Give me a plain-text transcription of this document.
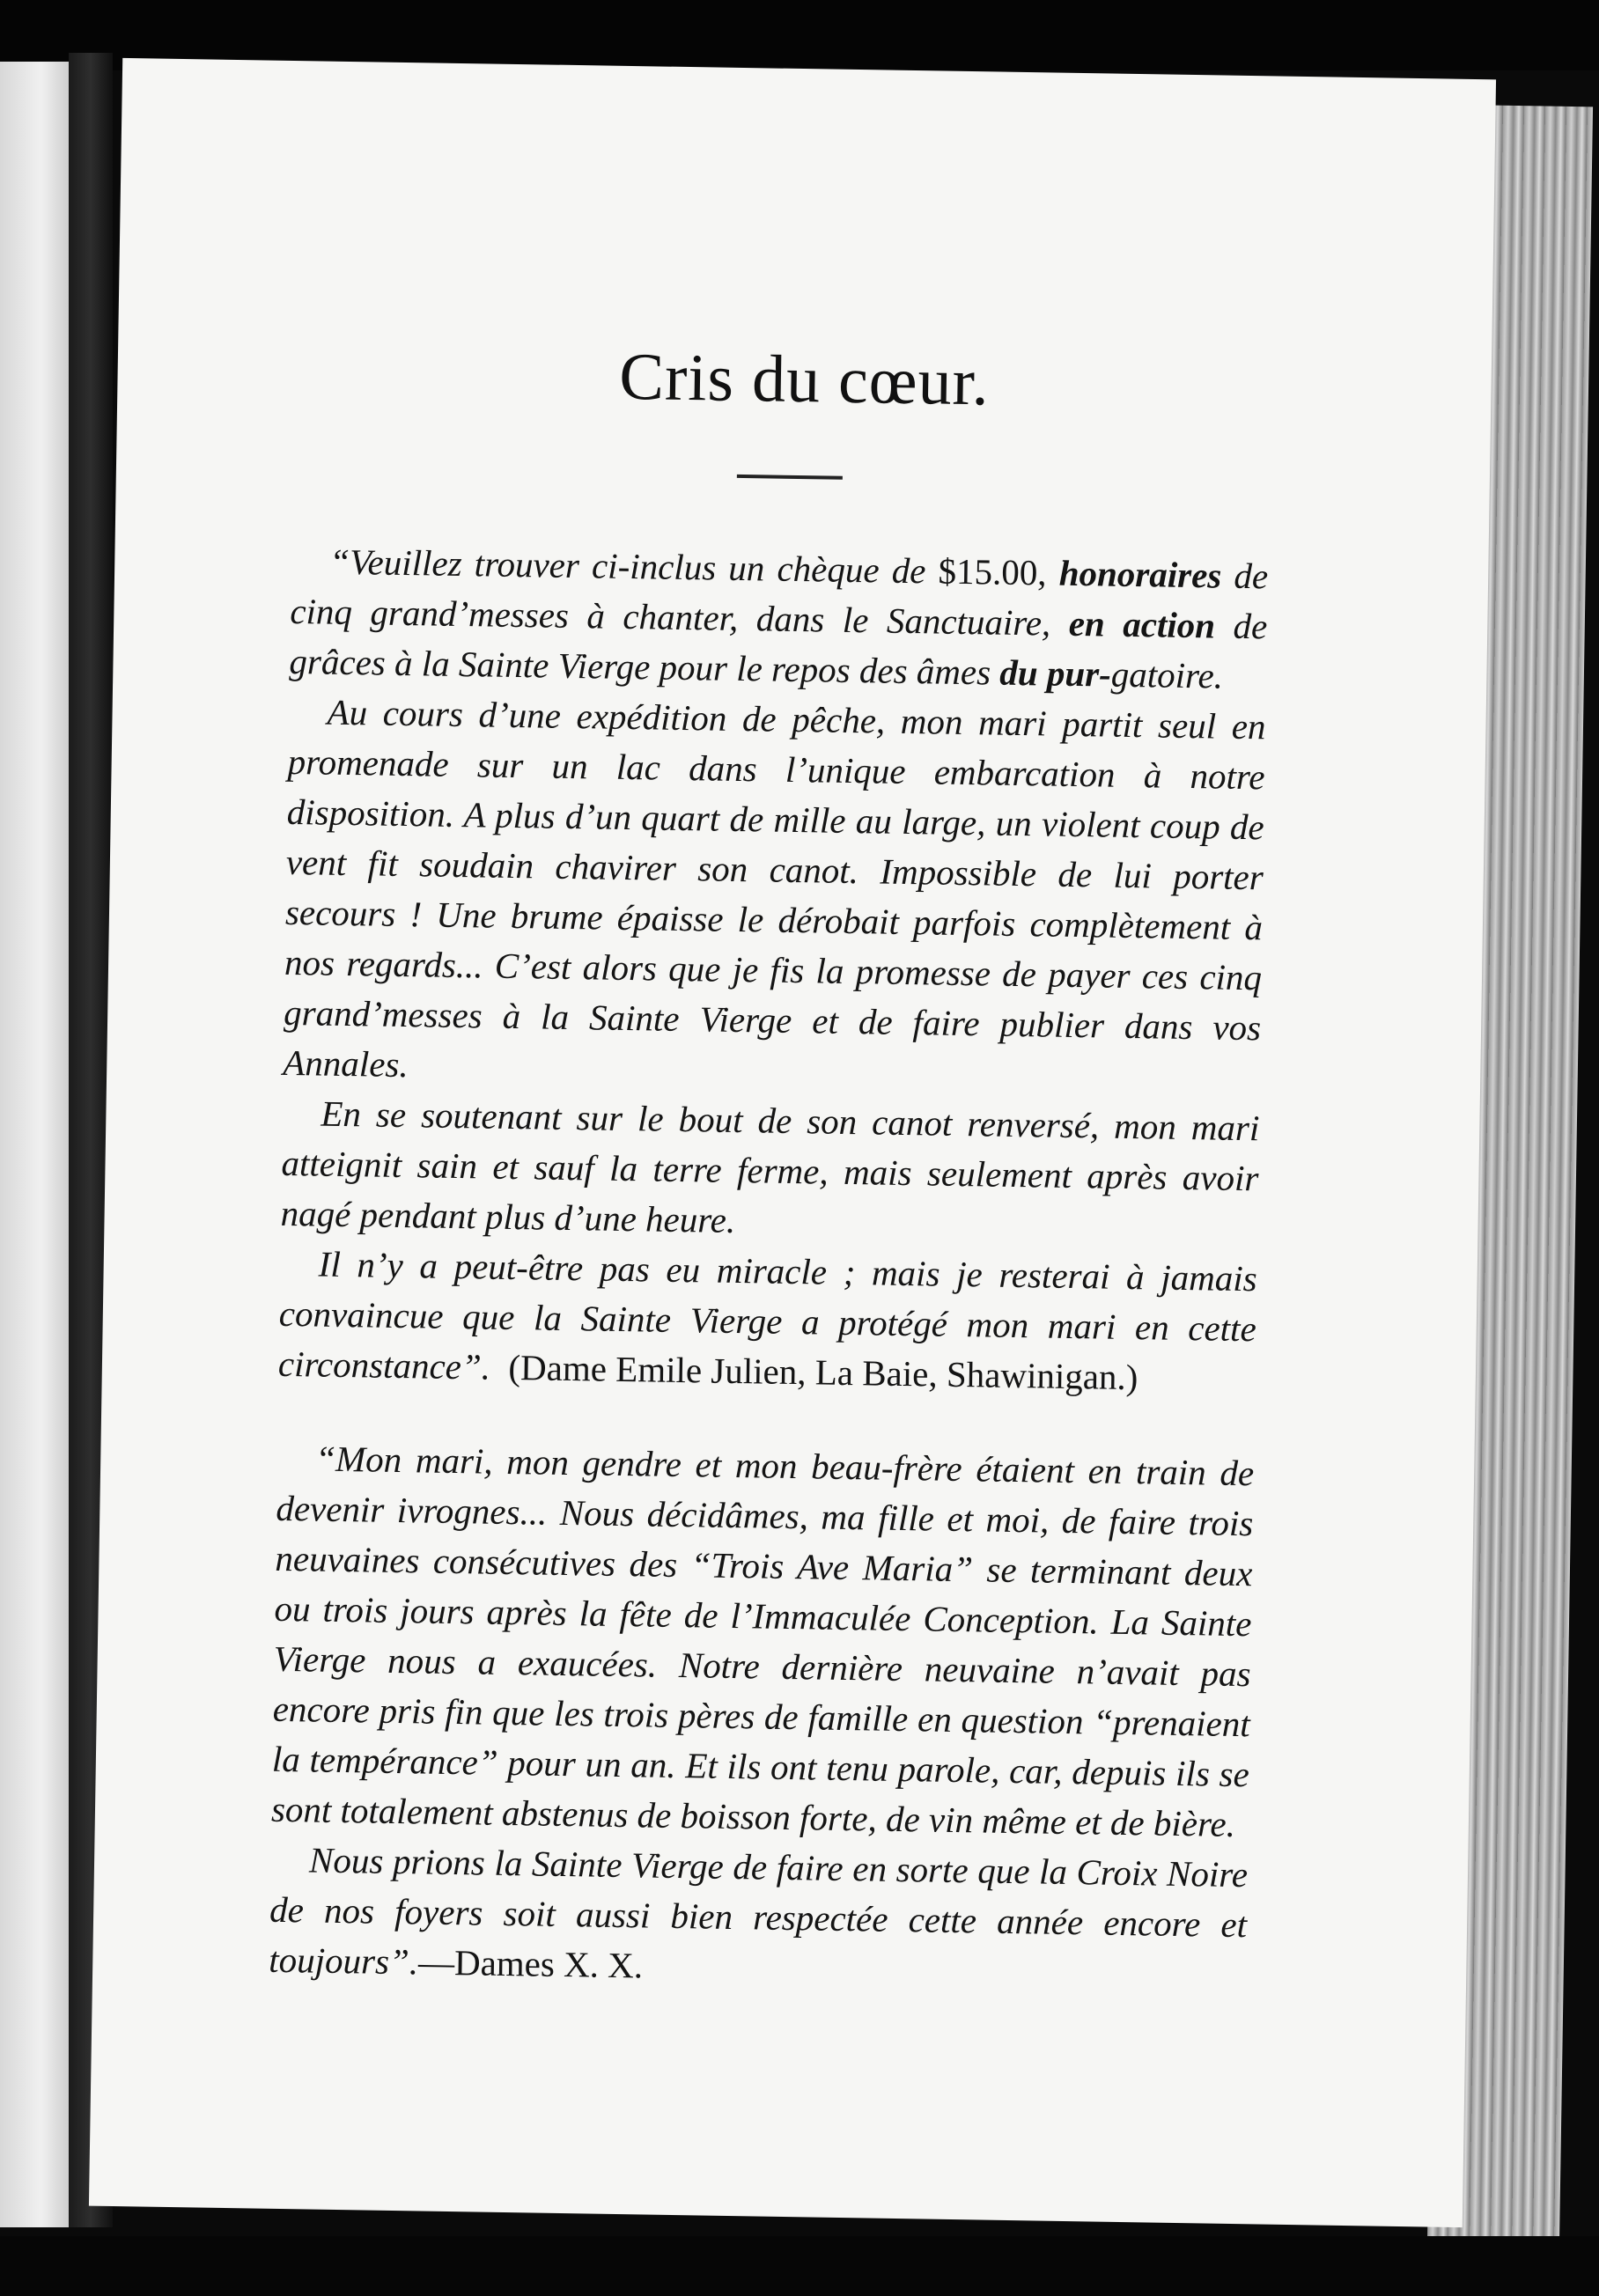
Cris du cœur.

“Veuillez trouver ci-inclus un chèque de $15.00, honoraires de cinq grand’messes à chanter, dans le Sanctuaire, en action de grâces à la Sainte Vierge pour le repos des âmes du pur-gatoire.

Au cours d’une expédition de pêche, mon mari partit seul en promenade sur un lac dans l’unique embarcation à notre disposition. A plus d’un quart de mille au large, un violent coup de vent fit soudain chavirer son canot. Impossible de lui porter secours ! Une brume épaisse le dérobait parfois complètement à nos regards... C’est alors que je fis la promesse de payer ces cinq grand’messes à la Sainte Vierge et de faire publier dans vos Annales.

En se soutenant sur le bout de son canot renversé, mon mari atteignit sain et sauf la terre ferme, mais seulement après avoir nagé pendant plus d’une heure.

Il n’y a peut-être pas eu miracle ; mais je resterai à jamais convaincue que la Sainte Vierge a protégé mon mari en cette circonstance”. (Dame Emile Julien, La Baie, Shawinigan.)

“Mon mari, mon gendre et mon beau-frère étaient en train de devenir ivrognes... Nous décidâmes, ma fille et moi, de faire trois neuvaines consécutives des “Trois Ave Maria” se terminant deux ou trois jours après la fête de l’Immaculée Conception. La Sainte Vierge nous a exaucées. Notre dernière neuvaine n’avait pas encore pris fin que les trois pères de famille en question “prenaient la tempérance” pour un an. Et ils ont tenu parole, car, depuis ils se sont totalement abstenus de boisson forte, de vin même et de bière.

Nous prions la Sainte Vierge de faire en sorte que la Croix Noire de nos foyers soit aussi bien respectée cette année encore et toujours”.—Dames X. X.
